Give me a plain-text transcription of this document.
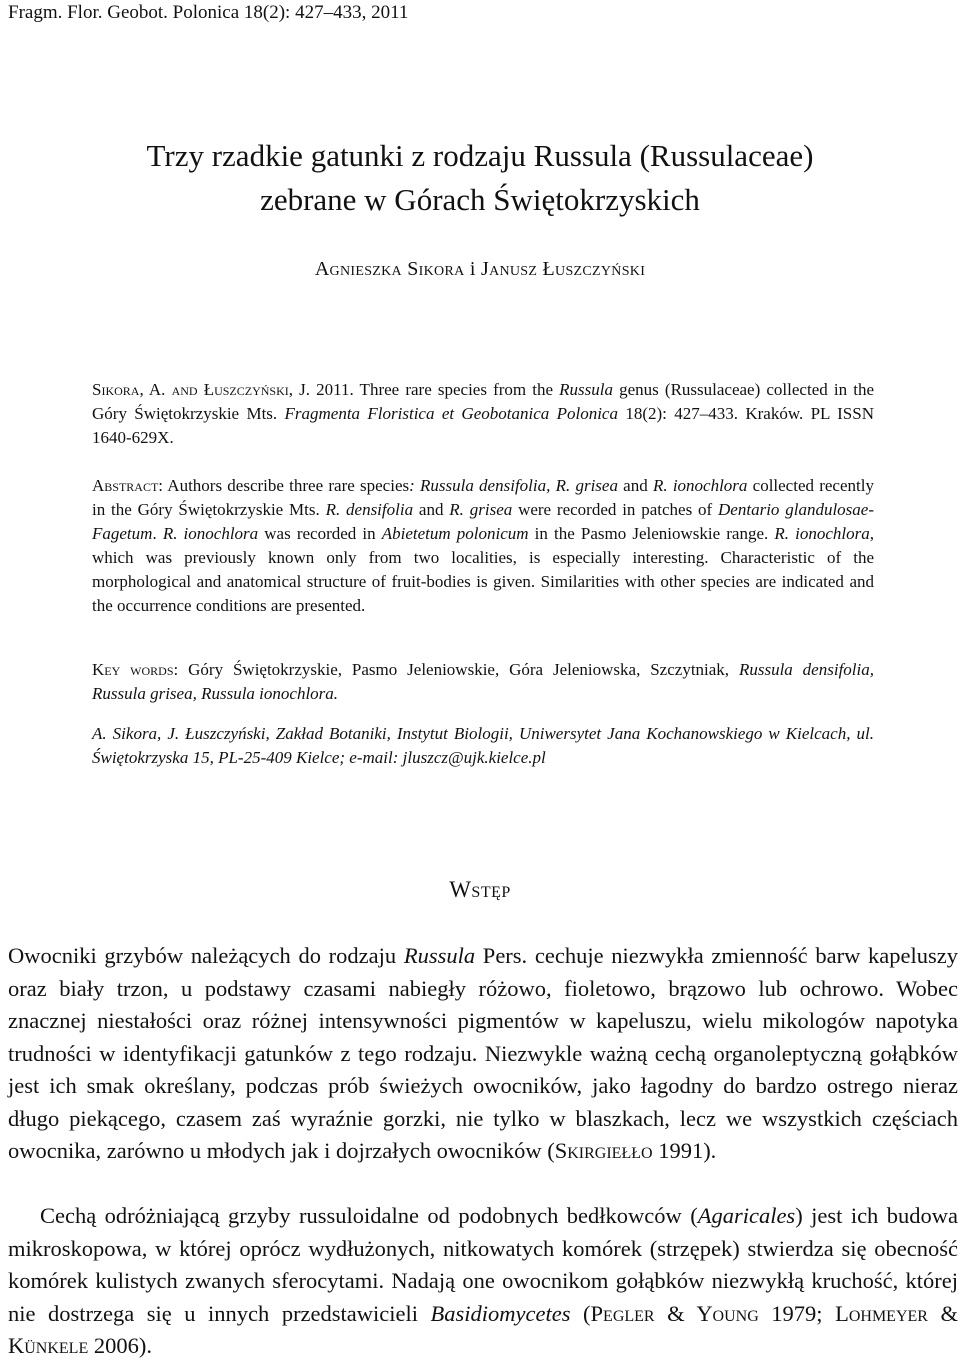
Fragm. Flor. Geobot. Polonica 18(2): 427–433, 2011
Trzy rzadkie gatunki z rodzaju Russula (Russulaceae)
zebrane w Górach Świętokrzyskich
Agnieszka Sikora i Janusz Łuszczyński

Sikora, A. and Łuszczyński, J. 2011. Three rare species from the Russula genus (Russulaceae) collected in the Góry Świętokrzyskie Mts. Fragmenta Floristica et Geobotanica Polonica 18(2): 427–433. Kraków. PL ISSN 1640-629X.

Abstract: Authors describe three rare species: Russula densifolia, R. grisea and R. ionochlora collected recently in the Góry Świętokrzyskie Mts. R. densifolia and R. grisea were recorded in patches of Dentario glandulosae-Fagetum. R. ionochlora was recorded in Abietetum polonicum in the Pasmo Jeleniowskie range. R. ionochlora, which was previously known only from two localities, is especially interesting. Characteristic of the morphological and anatomical structure of fruit-bodies is given. Similarities with other species are indicated and the occurrence conditions are presented.

Key words: Góry Świętokrzyskie, Pasmo Jeleniowskie, Góra Jeleniowska, Szczytniak, Russula densifolia, Russula grisea, Russula ionochlora.

A. Sikora, J. Łuszczyński, Zakład Botaniki, Instytut Biologii, Uniwersytet Jana Kochanowskiego w Kielcach, ul. Świętokrzyska 15, PL-25-409 Kielce; e-mail: jluszcz@ujk.kielce.pl

Wstęp

Owocniki grzybów należących do rodzaju Russula Pers. cechuje niezwykła zmienność barw kapeluszy oraz biały trzon, u podstawy czasami nabiegły różowo, fioletowo, brązowo lub ochrowo. Wobec znacznej niestałości oraz różnej intensywności pigmentów w kapeluszu, wielu mikologów napotyka trudności w identyfikacji gatunków z tego rodzaju. Niezwykle ważną cechą organoleptyczną gołąbków jest ich smak określany, podczas prób świeżych owocników, jako łagodny do bardzo ostrego nieraz długo piekącego, czasem zaś wyraźnie gorzki, nie tylko w blaszkach, lecz we wszystkich częściach owocnika, zarówno u młodych jak i dojrzałych owocników (Skirgiełło 1991).

Cechą odróżniającą grzyby russuloidalne od podobnych bedłkowców (Agaricales) jest ich budowa mikroskopowa, w której oprócz wydłużonych, nitkowatych komórek (strzępek) stwierdza się obecność komórek kulistych zwanych sferocytami. Nadają one owocnikom gołąbków niezwykłą kruchość, której nie dostrzega się u innych przedstawicieli Basidiomycetes (Pegler & Young 1979; Lohmeyer & Künkele 2006).
